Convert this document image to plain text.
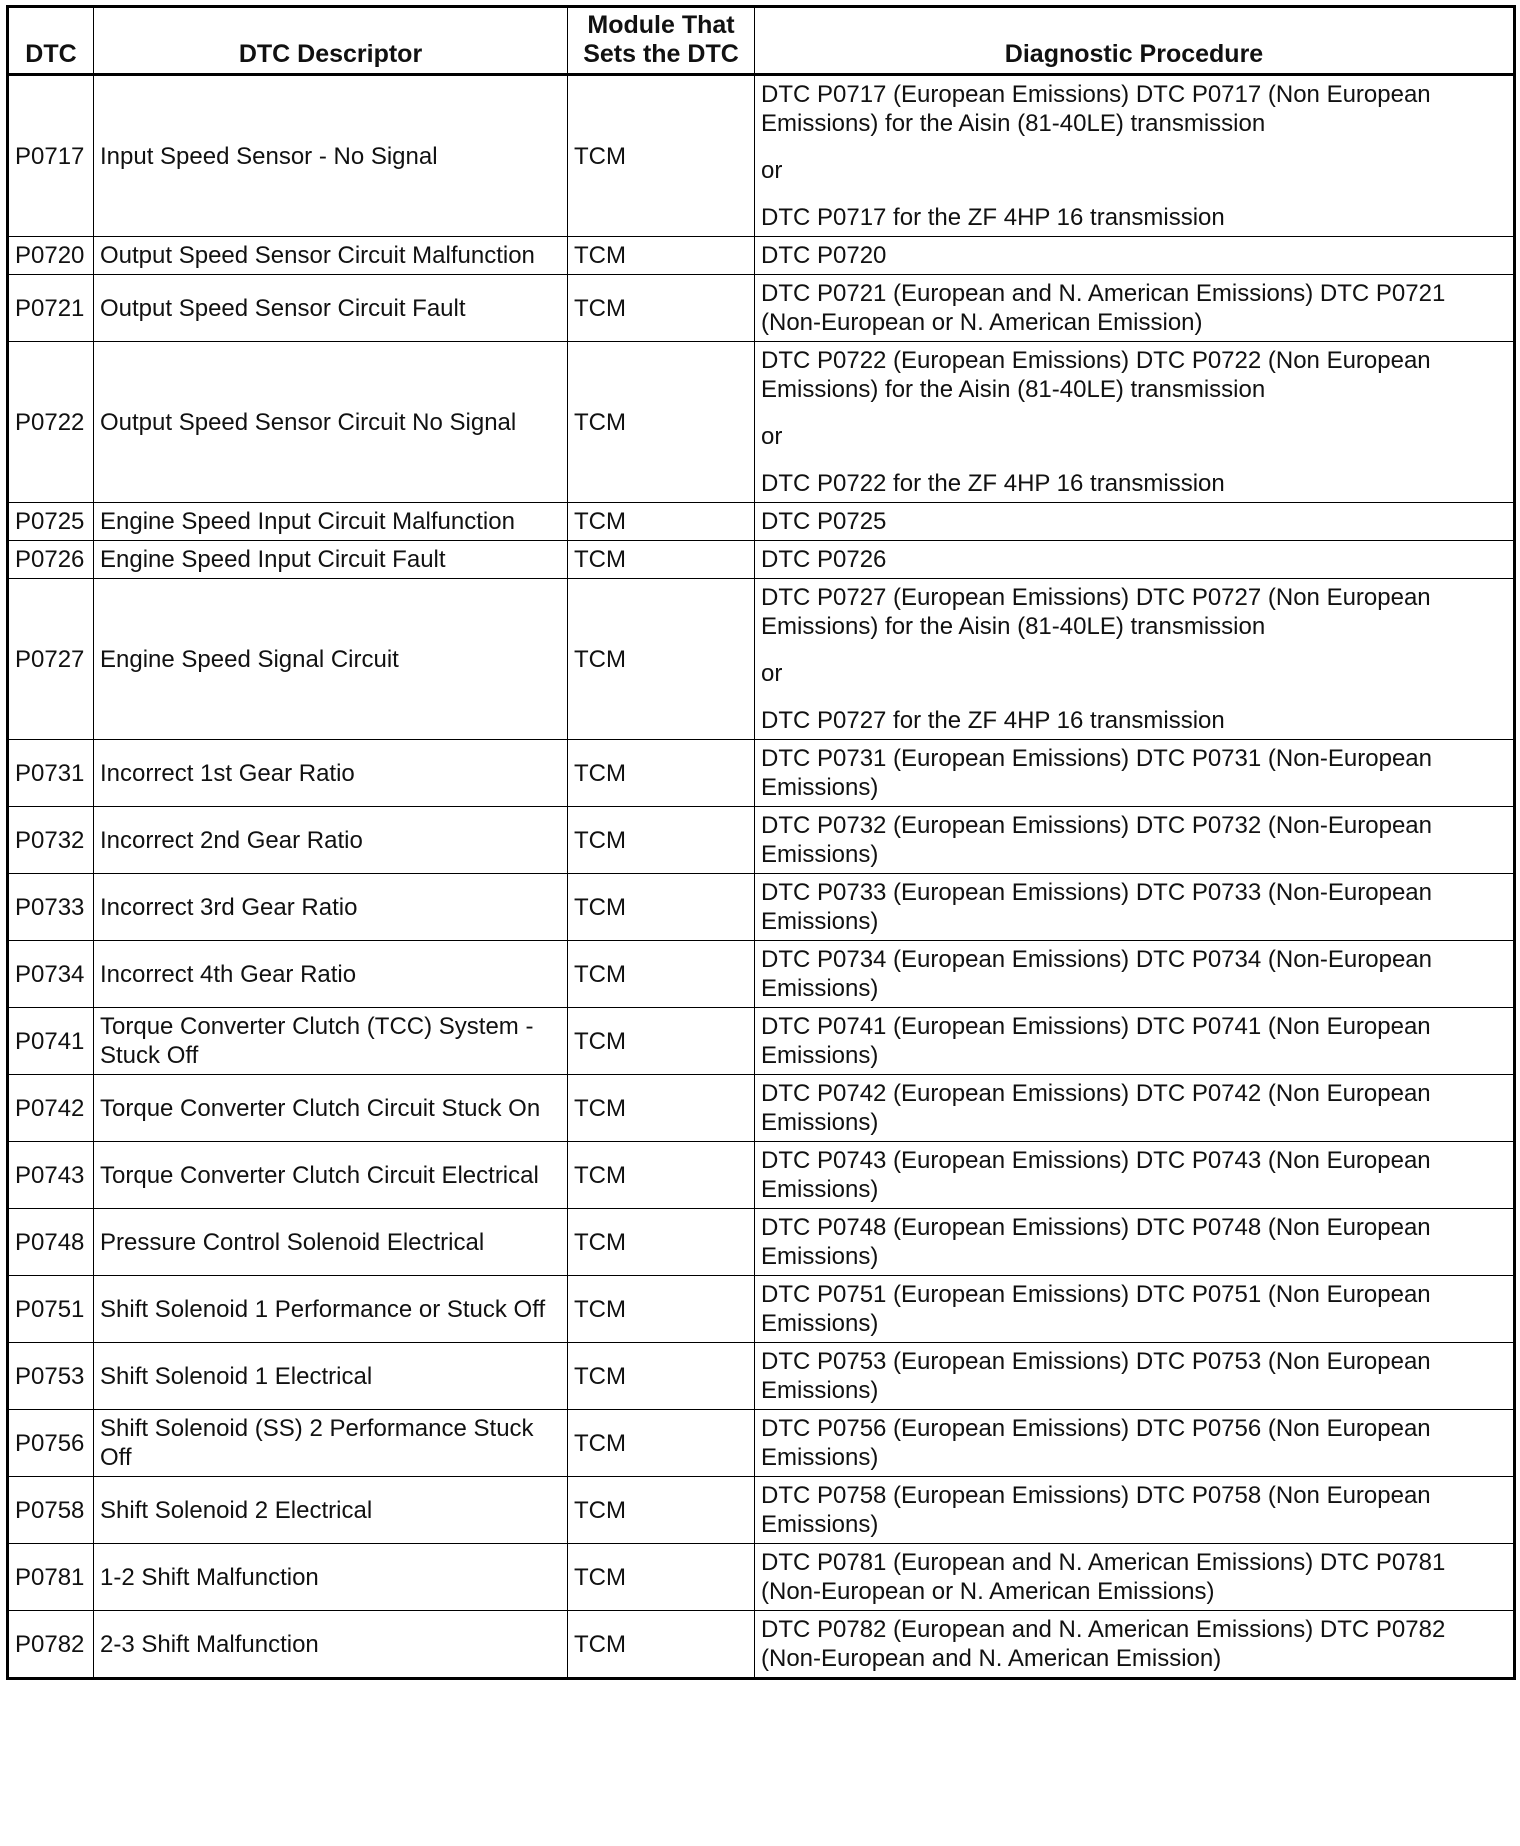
DTC	DTC Descriptor	Module That Sets the DTC	Diagnostic Procedure
P0717	Input Speed Sensor - No Signal	TCM	DTC P0717 (European Emissions) DTC P0717 (Non European Emissions) for the Aisin (81-40LE) transmission
or
DTC P0717 for the ZF 4HP 16 transmission

P0720	Output Speed Sensor Circuit Malfunction	TCM	DTC P0720

P0721	Output Speed Sensor Circuit Fault	TCM	DTC P0721 (European and N. American Emissions) DTC P0721 (Non-European or N. American Emission)

P0722	Output Speed Sensor Circuit No Signal	TCM	DTC P0722 (European Emissions) DTC P0722 (Non European Emissions) for the Aisin (81-40LE) transmission
or
DTC P0722 for the ZF 4HP 16 transmission

P0725	Engine Speed Input Circuit Malfunction	TCM	DTC P0725

P0726	Engine Speed Input Circuit Fault	TCM	DTC P0726

P0727	Engine Speed Signal Circuit	TCM	DTC P0727 (European Emissions) DTC P0727 (Non European Emissions) for the Aisin (81-40LE) transmission
or
DTC P0727 for the ZF 4HP 16 transmission

P0731	Incorrect 1st Gear Ratio	TCM	DTC P0731 (European Emissions) DTC P0731 (Non-European Emissions)

P0732	Incorrect 2nd Gear Ratio	TCM	DTC P0732 (European Emissions) DTC P0732 (Non-European Emissions)

P0733	Incorrect 3rd Gear Ratio	TCM	DTC P0733 (European Emissions) DTC P0733 (Non-European Emissions)

P0734	Incorrect 4th Gear Ratio	TCM	DTC P0734 (European Emissions) DTC P0734 (Non-European Emissions)

P0741	Torque Converter Clutch (TCC) System - Stuck Off	TCM	DTC P0741 (European Emissions) DTC P0741 (Non European Emissions)

P0742	Torque Converter Clutch Circuit Stuck On	TCM	DTC P0742 (European Emissions) DTC P0742 (Non European Emissions)

P0743	Torque Converter Clutch Circuit Electrical	TCM	DTC P0743 (European Emissions) DTC P0743 (Non European Emissions)

P0748	Pressure Control Solenoid Electrical	TCM	DTC P0748 (European Emissions) DTC P0748 (Non European Emissions)

P0751	Shift Solenoid 1 Performance or Stuck Off	TCM	DTC P0751 (European Emissions) DTC P0751 (Non European Emissions)

P0753	Shift Solenoid 1 Electrical	TCM	DTC P0753 (European Emissions) DTC P0753 (Non European Emissions)

P0756	Shift Solenoid (SS) 2 Performance Stuck Off	TCM	DTC P0756 (European Emissions) DTC P0756 (Non European Emissions)

P0758	Shift Solenoid 2 Electrical	TCM	DTC P0758 (European Emissions) DTC P0758 (Non European Emissions)

P0781	1-2 Shift Malfunction	TCM	DTC P0781 (European and N. American Emissions) DTC P0781 (Non-European or N. American Emissions)

P0782	2-3 Shift Malfunction	TCM	DTC P0782 (European and N. American Emissions) DTC P0782 (Non-European and N. American Emission)
